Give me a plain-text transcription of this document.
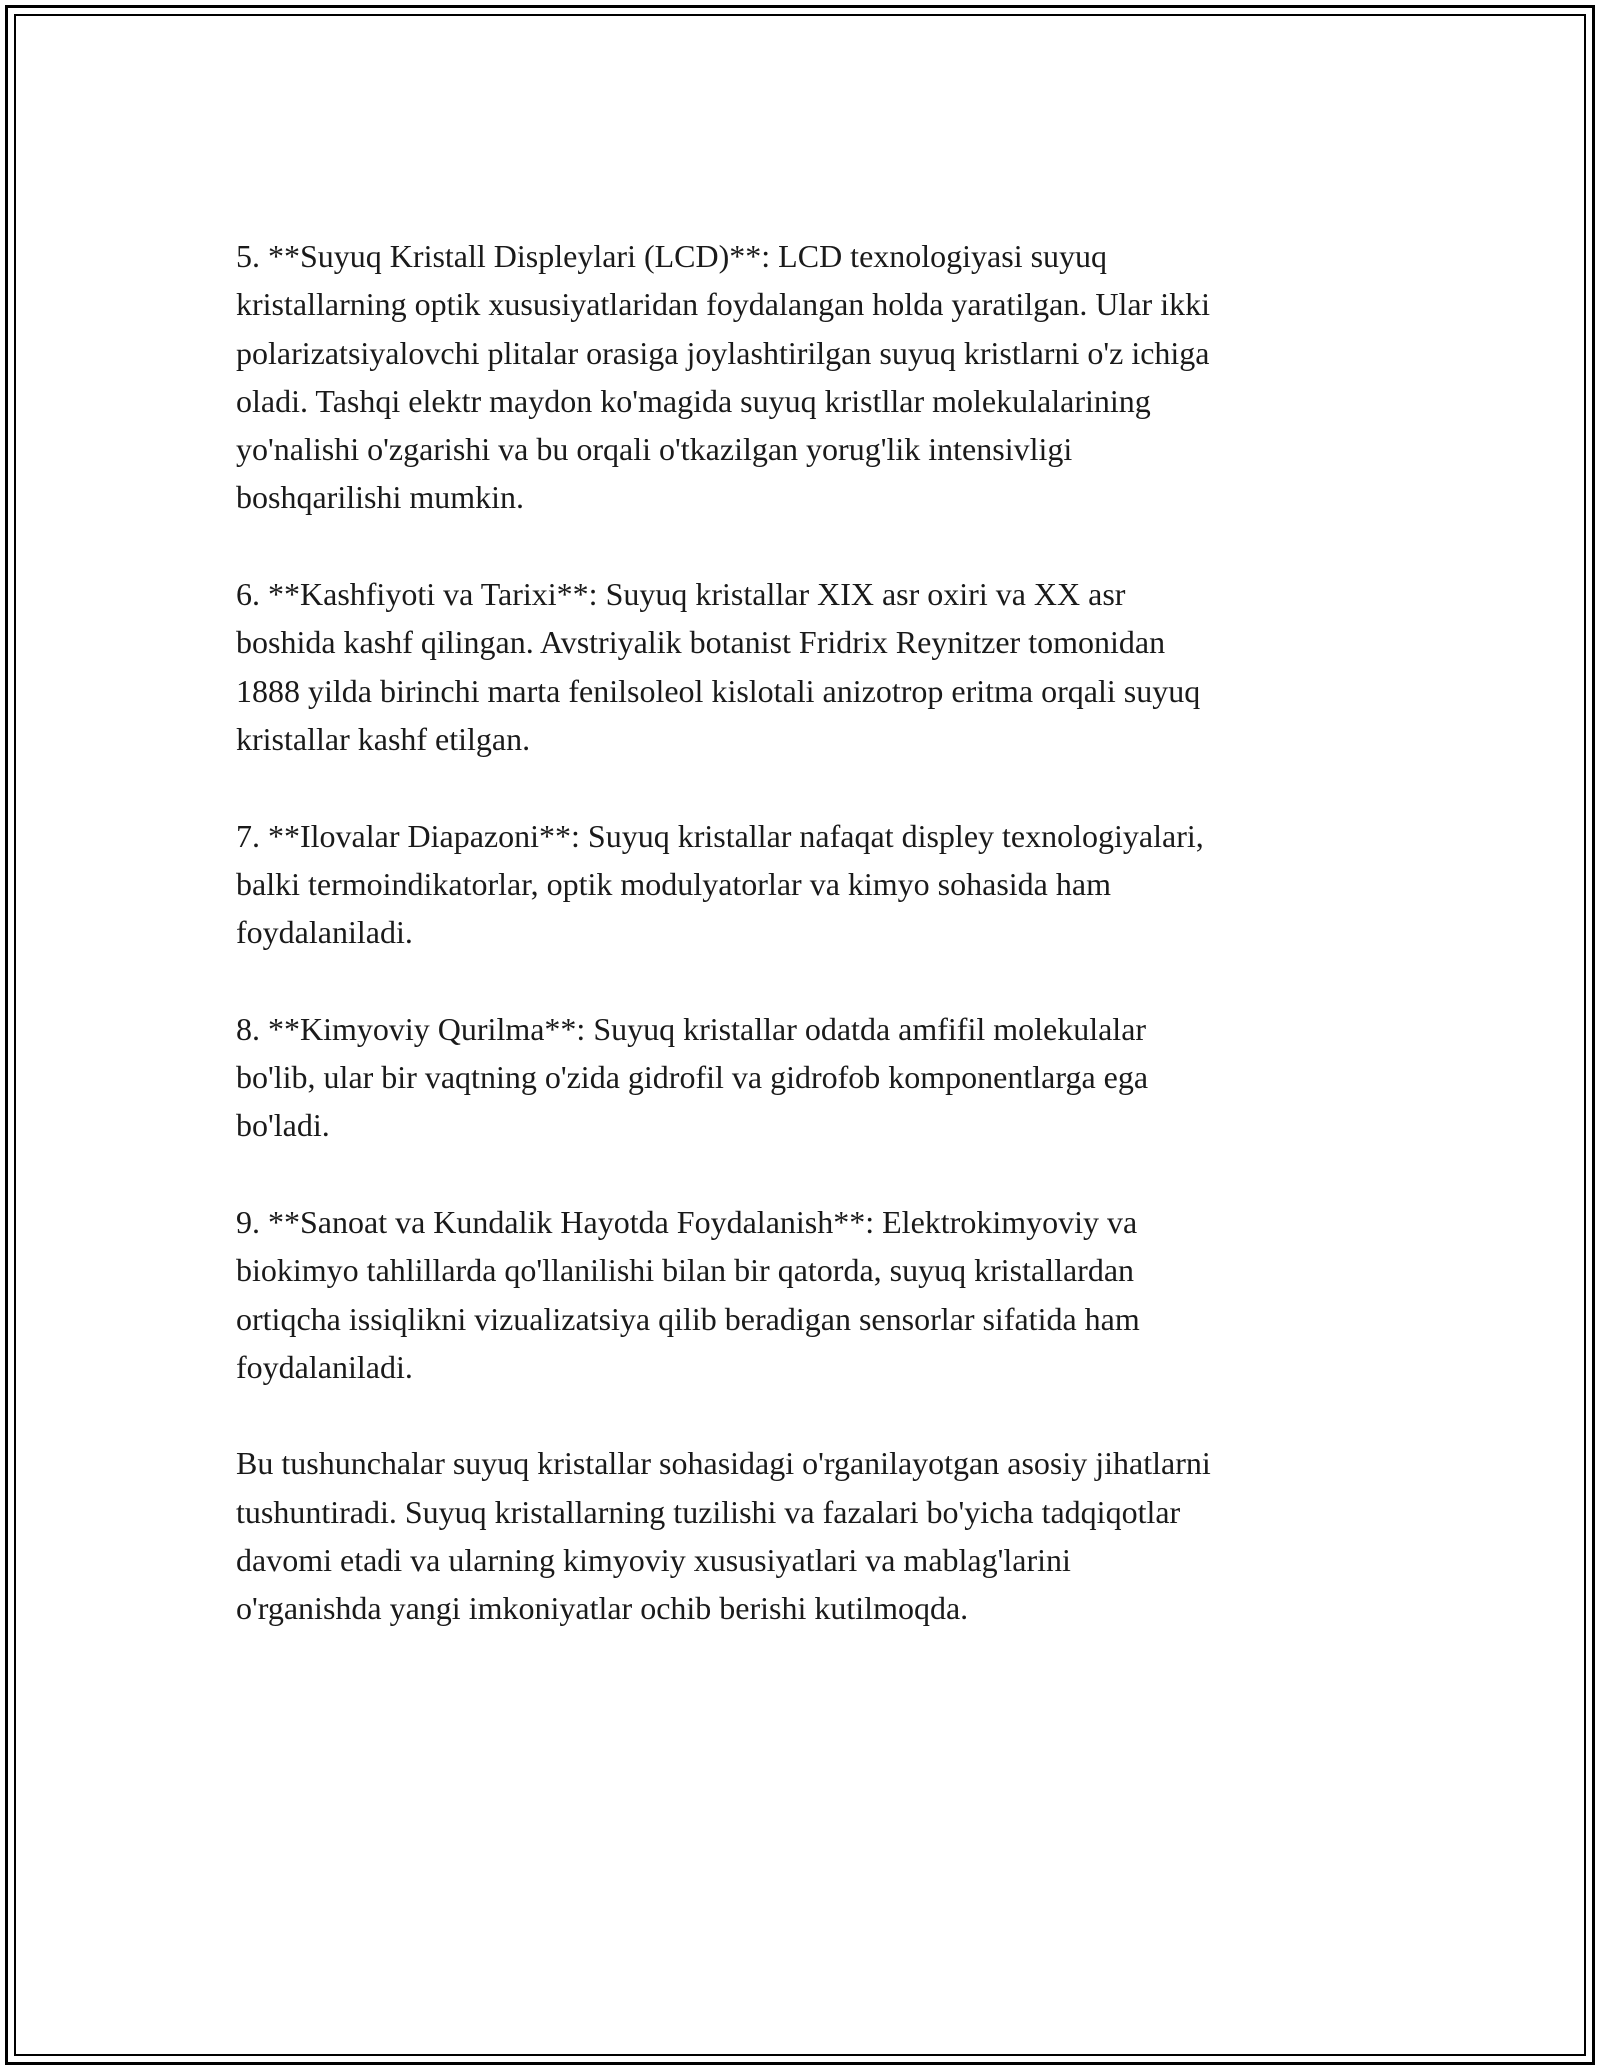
5. **Suyuq Kristall Displeylari (LCD)**: LCD texnologiyasi suyuq
kristallarning optik xususiyatlaridan foydalangan holda yaratilgan. Ular ikki
polarizatsiyalovchi plitalar orasiga joylashtirilgan suyuq kristlarni o'z ichiga
oladi. Tashqi elektr maydon ko'magida suyuq kristllar molekulalarining
yo'nalishi o'zgarishi va bu orqali o'tkazilgan yorug'lik intensivligi
boshqarilishi mumkin.

6. **Kashfiyoti va Tarixi**: Suyuq kristallar XIX asr oxiri va XX asr
boshida kashf qilingan. Avstriyalik botanist Fridrix Reynitzer tomonidan
1888 yilda birinchi marta fenilsoleol kislotali anizotrop eritma orqali suyuq
kristallar kashf etilgan.

7. **Ilovalar Diapazoni**: Suyuq kristallar nafaqat displey texnologiyalari,
balki termoindikatorlar, optik modulyatorlar va kimyo sohasida ham
foydalaniladi.

8. **Kimyoviy Qurilma**: Suyuq kristallar odatda amfifil molekulalar
bo'lib, ular bir vaqtning o'zida gidrofil va gidrofob komponentlarga ega
bo'ladi.

9. **Sanoat va Kundalik Hayotda Foydalanish**: Elektrokimyoviy va
biokimyo tahlillarda qo'llanilishi bilan bir qatorda, suyuq kristallardan
ortiqcha issiqlikni vizualizatsiya qilib beradigan sensorlar sifatida ham
foydalaniladi.

Bu tushunchalar suyuq kristallar sohasidagi o'rganilayotgan asosiy jihatlarni
tushuntiradi. Suyuq kristallarning tuzilishi va fazalari bo'yicha tadqiqotlar
davomi etadi va ularning kimyoviy xususiyatlari va mablag'larini
o'rganishda yangi imkoniyatlar ochib berishi kutilmoqda.
